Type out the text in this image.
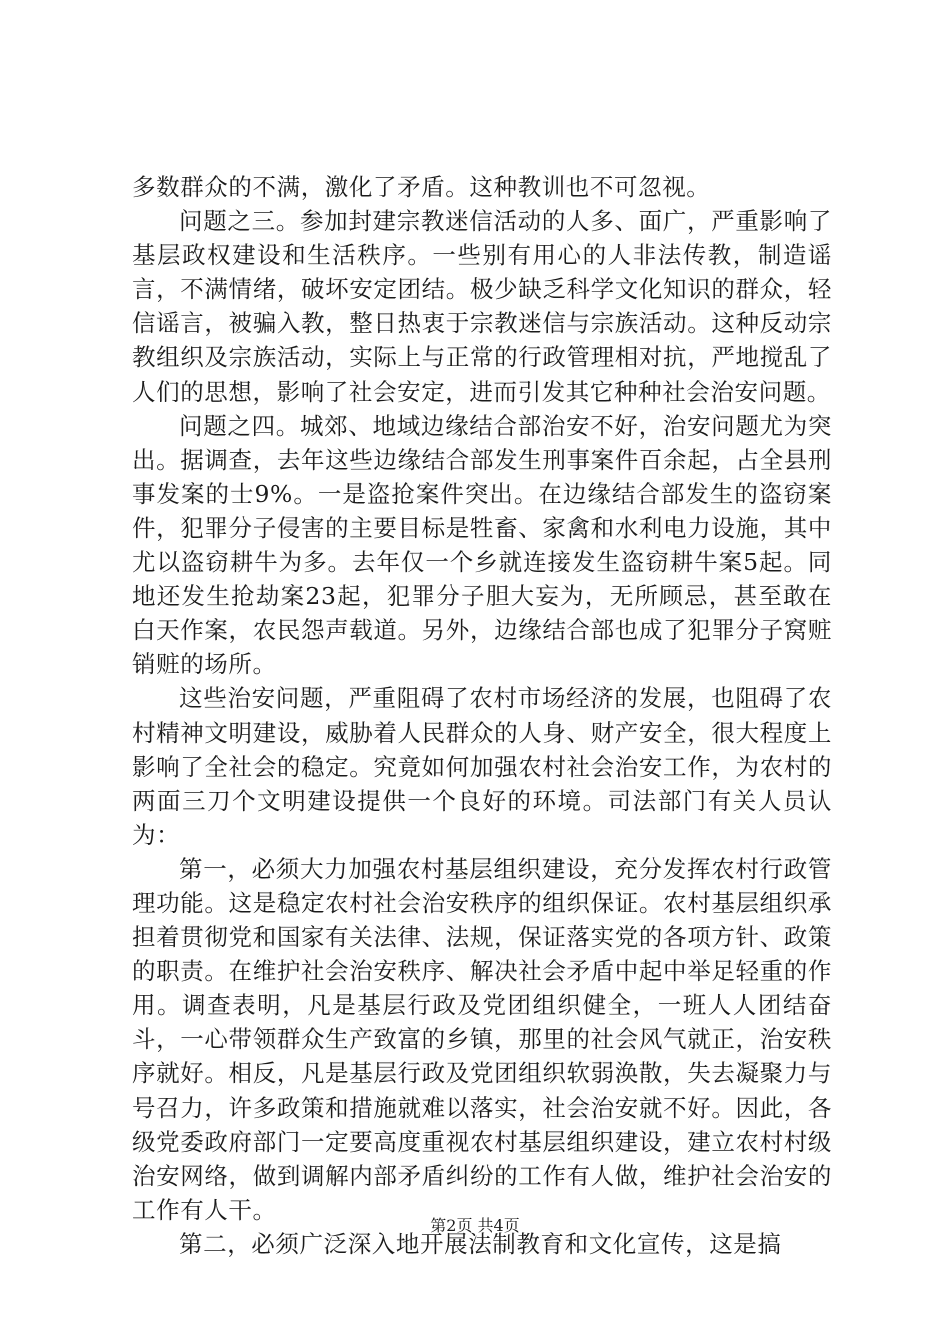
多数群众的不满，激化了矛盾。这种教训也不可忽视。

问题之三。参加封建宗教迷信活动的人多、面广，严重影响了基层政权建设和生活秩序。一些别有用心的人非法传教，制造谣言，不满情绪，破坏安定团结。极少缺乏科学文化知识的群众，轻信谣言，被骗入教，整日热衷于宗教迷信与宗族活动。这种反动宗教组织及宗族活动，实际上与正常的行政管理相对抗，严地搅乱了人们的思想，影响了社会安定，进而引发其它种种社会治安问题。

问题之四。城郊、地域边缘结合部治安不好，治安问题尤为突出。据调查，去年这些边缘结合部发生刑事案件百余起，占全县刑事发案的士9%。一是盗抢案件突出。在边缘结合部发生的盗窃案件，犯罪分子侵害的主要目标是牲畜、家禽和水利电力设施，其中尤以盗窃耕牛为多。去年仅一个乡就连接发生盗窃耕牛案5起。同地还发生抢劫案23起，犯罪分子胆大妄为，无所顾忌，甚至敢在白天作案，农民怨声载道。另外，边缘结合部也成了犯罪分子窝赃销赃的场所。

这些治安问题，严重阻碍了农村市场经济的发展，也阻碍了农村精神文明建设，威胁着人民群众的人身、财产安全，很大程度上影响了全社会的稳定。究竟如何加强农村社会治安工作，为农村的两面三刀个文明建设提供一个良好的环境。司法部门有关人员认为：

第一，必须大力加强农村基层组织建设，充分发挥农村行政管理功能。这是稳定农村社会治安秩序的组织保证。农村基层组织承担着贯彻党和国家有关法律、法规，保证落实党的各项方针、政策的职责。在维护社会治安秩序、解决社会矛盾中起中举足轻重的作用。调查表明，凡是基层行政及党团组织健全，一班人人团结奋斗，一心带领群众生产致富的乡镇，那里的社会风气就正，治安秩序就好。相反，凡是基层行政及党团组织软弱涣散，失去凝聚力与号召力，许多政策和措施就难以落实，社会治安就不好。因此，各级党委政府部门一定要高度重视农村基层组织建设，建立农村村级治安网络，做到调解内部矛盾纠纷的工作有人做，维护社会治安的工作有人干。

第二，必须广泛深入地开展法制教育和文化宣传，这是搞

第2页 共4页
